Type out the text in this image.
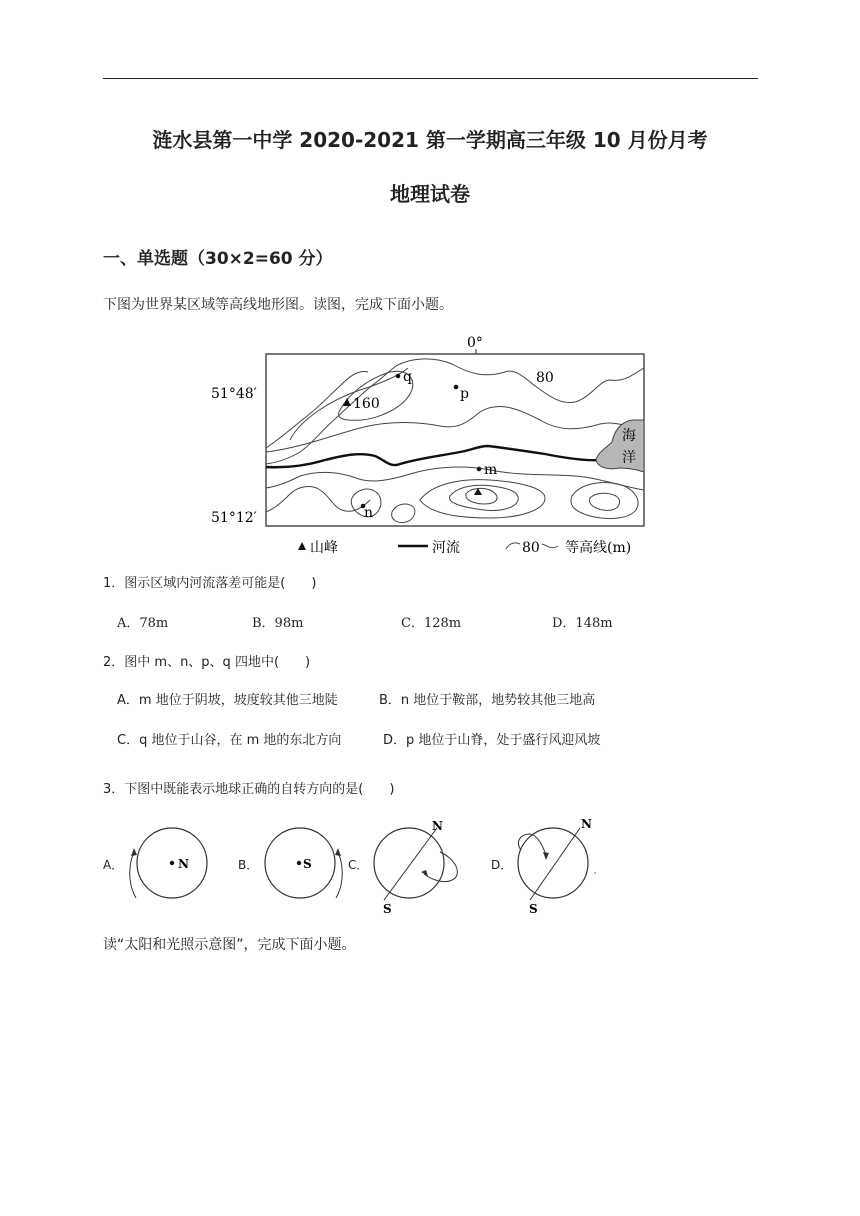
涟水县第一中学 2020-2021 第一学期高三年级 10 月份月考
地理试卷
一、单选题（30×2=60 分）
下图为世界某区域等高线地形图。读图，完成下面小题。
0°
51°48′
51°12′
海
洋
q
p
m
n
80
160
山峰	河流	80 等高线(m)
1．图示区域内河流落差可能是(　　)
A．78m	B．98m	C．128m	D．148m
2．图中 m、n、p、q 四地中(　　)
A．m 地位于阴坡，坡度较其他三地陡	B．n 地位于鞍部，地势较其他三地高
C．q 地位于山谷，在 m 地的东北方向	D．p 地位于山脊，处于盛行风迎风坡
3．下图中既能表示地球正确的自转方向的是(　　)
A．	B．	C．	D．
N	S
N
S
N
S
读“太阳和光照示意图”，完成下面小题。
